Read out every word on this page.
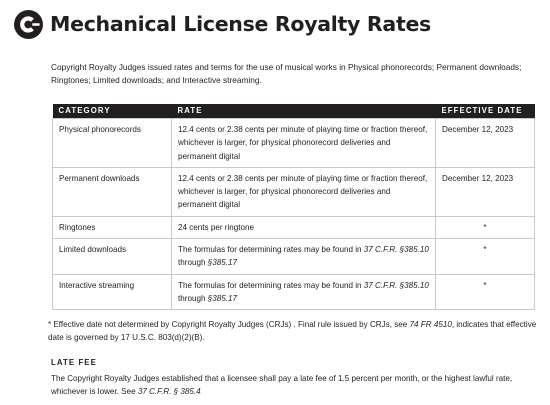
Mechanical License Royalty Rates
Copyright Royalty Judges issued rates and terms for the use of musical works in Physical phonorecords; Permanent downloads; Ringtones; Limited downloads; and Interactive streaming.
CATEGORY	RATE	EFFECTIVE DATE
Physical phonorecords	12.4 cents or 2.38 cents per minute of playing time or fraction thereof, whichever is larger, for physical phonorecord deliveries and permanent digital	December 12, 2023
Permanent downloads	12.4 cents or 2.38 cents per minute of playing time or fraction thereof, whichever is larger, for physical phonorecord deliveries and permanent digital	December 12, 2023
Ringtones	24 cents per ringtone	*
Limited downloads	The formulas for determining rates may be found in 37 C.F.R. §385.10 through §385.17	*
Interactive streaming	The formulas for determining rates may be found in 37 C.F.R. §385.10 through §385.17	*
* Effective date not determined by Copyright Royalty Judges (CRJs) . Final rule issued by CRJs, see 74 FR 4510, indicates that effective date is governed by 17 U.S.C. 803(d)(2)(B).
LATE FEE
The Copyright Royalty Judges established that a licensee shall pay a late fee of 1.5 percent per month, or the highest lawful rate, whichever is lower. See 37 C.F.R. § 385.4
